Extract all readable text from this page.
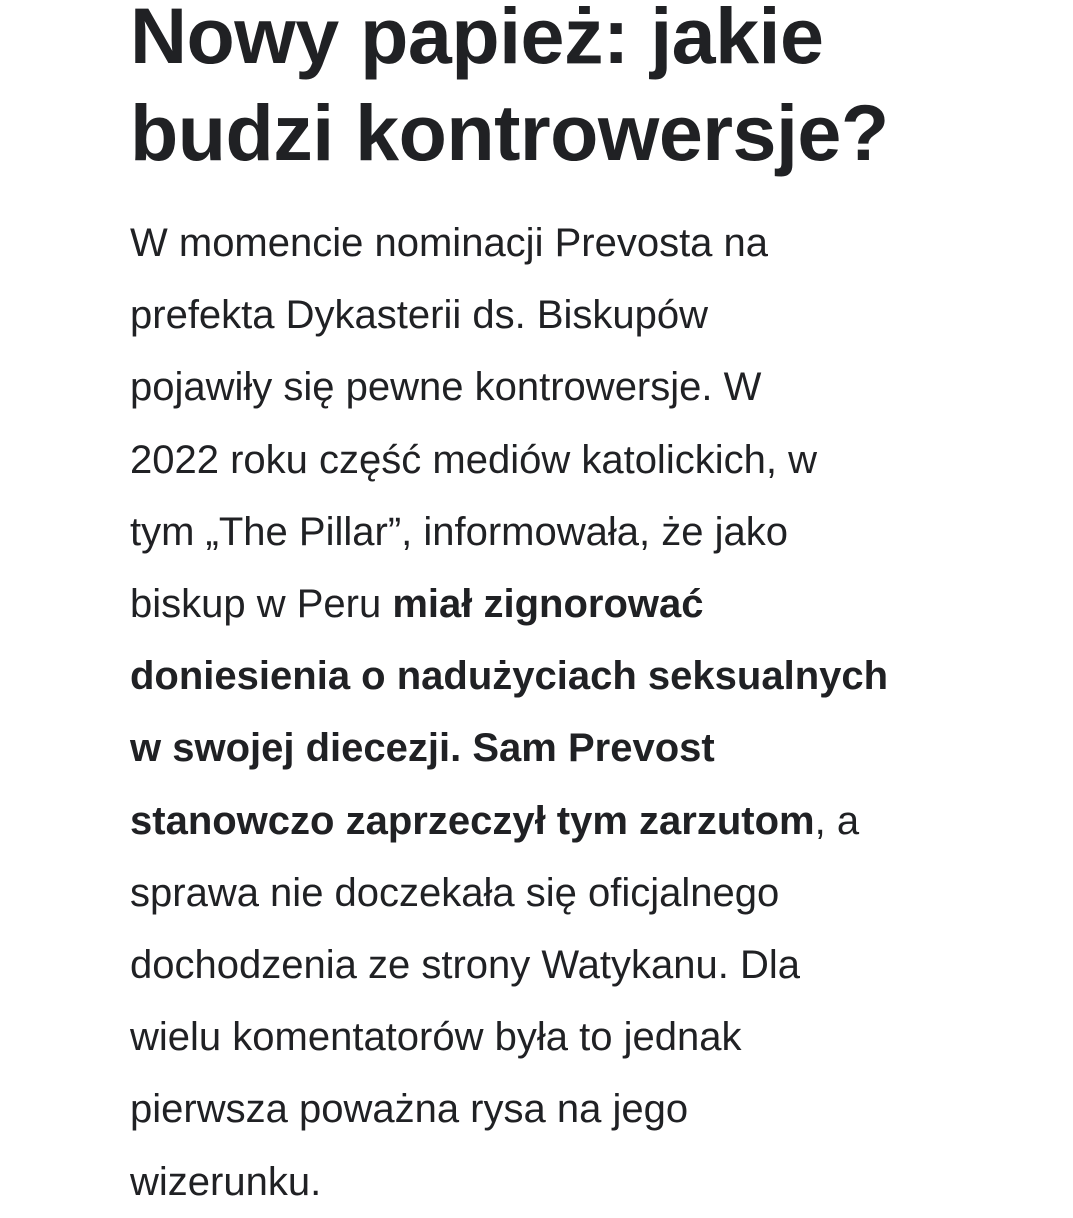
Nowy papież: jakie
budzi kontrowersje?

W momencie nominacji Prevosta na
prefekta Dykasterii ds. Biskupów
pojawiły się pewne kontrowersje. W
2022 roku część mediów katolickich, w
tym „The Pillar”, informowała, że jako
biskup w Peru miał zignorować
doniesienia o nadużyciach seksualnych
w swojej diecezji. Sam Prevost
stanowczo zaprzeczył tym zarzutom, a
sprawa nie doczekała się oficjalnego
dochodzenia ze strony Watykanu. Dla
wielu komentatorów była to jednak
pierwsza poważna rysa na jego
wizerunku.
